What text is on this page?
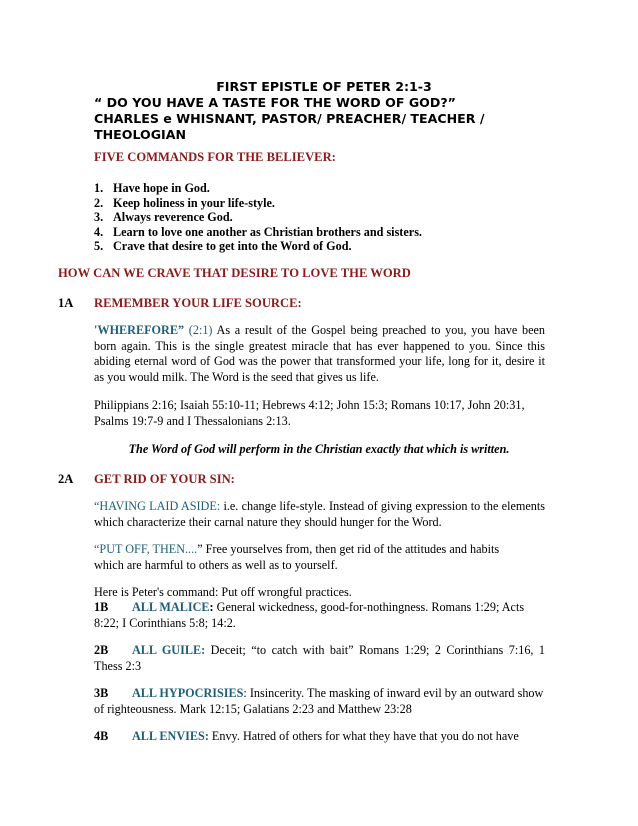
FIRST EPISTLE OF PETER 2:1-3
“ DO YOU HAVE A TASTE FOR THE WORD OF GOD?”
CHARLES e WHISNANT, PASTOR/ PREACHER/ TEACHER /
THEOLOGIAN
FIVE COMMANDS FOR THE BELIEVER:
1. Have hope in God.
2. Keep holiness in your life-style.
3. Always reverence God.
4. Learn to love one another as Christian brothers and sisters.
5. Crave that desire to get into the Word of God.
HOW CAN WE CRAVE THAT DESIRE TO LOVE THE WORD
1A REMEMBER YOUR LIFE SOURCE:
'WHEREFORE” (2:1) As a result of the Gospel being preached to you, you have been born again. This is the single greatest miracle that has ever happened to you. Since this abiding eternal word of God was the power that transformed your life, long for it, desire it as you would milk. The Word is the seed that gives us life.
Philippians 2:16; Isaiah 55:10-11; Hebrews 4:12; John 15:3; Romans 10:17, John 20:31, Psalms 19:7-9 and I Thessalonians 2:13.
The Word of God will perform in the Christian exactly that which is written.
2A GET RID OF YOUR SIN:
“HAVING LAID ASIDE: i.e. change life-style. Instead of giving expression to the elements which characterize their carnal nature they should hunger for the Word.
“PUT OFF, THEN....” Free yourselves from, then get rid of the attitudes and habits
which are harmful to others as well as to yourself.
Here is Peter's command: Put off wrongful practices.
1B ALL MALICE: General wickedness, good-for-nothingness. Romans 1:29; Acts 8:22; I Corinthians 5:8; 14:2.
2B ALL GUILE: Deceit; “to catch with bait” Romans 1:29; 2 Corinthians 7:16, 1 Thess 2:3
3B ALL HYPOCRISIES: Insincerity. The masking of inward evil by an outward show of righteousness. Mark 12:15; Galatians 2:23 and Matthew 23:28
4B ALL ENVIES: Envy. Hatred of others for what they have that you do not have
